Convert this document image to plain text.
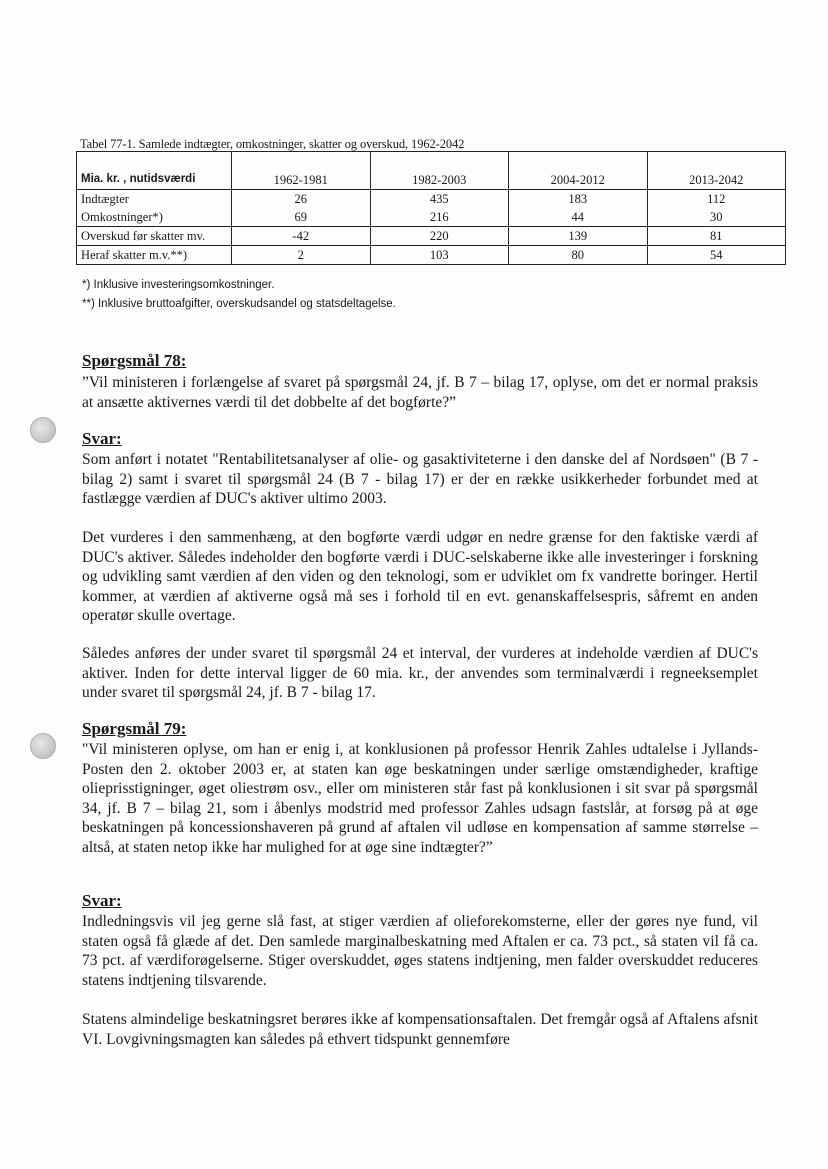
Tabel 77-1. Samlede indtægter, omkostninger, skatter og overskud, 1962-2042
Mia. kr. , nutidsværdi	1962-1981	1982-2003	2004-2012	2013-2042
Indtægter	26	435	183	112
Omkostninger*)	69	216	44	30
Overskud før skatter mv.	-42	220	139	81
Heraf skatter m.v.**)	2	103	80	54
*) Inklusive investeringsomkostninger.
**) Inklusive bruttoafgifter, overskudsandel og statsdeltagelse.
Spørgsmål 78:

”Vil ministeren i forlængelse af svaret på spørgsmål 24, jf. B 7 – bilag 17, oplyse, om det er normal praksis at ansætte aktivernes værdi til det dobbelte af det bogførte?”

Svar:

Som anført i notatet "Rentabilitetsanalyser af olie- og gasaktiviteterne i den danske del af Nordsøen" (B 7 - bilag 2) samt i svaret til spørgsmål 24 (B 7 - bilag 17) er der en række usikkerheder forbundet med at fastlægge værdien af DUC's aktiver ultimo 2003.

Det vurderes i den sammenhæng, at den bogførte værdi udgør en nedre grænse for den faktiske værdi af DUC's aktiver. Således indeholder den bogførte værdi i DUC-selskaberne ikke alle investeringer i forskning og udvikling samt værdien af den viden og den teknologi, som er udviklet om fx vandrette boringer. Hertil kommer, at værdien af aktiverne også må ses i forhold til en evt. genanskaffelsespris, såfremt en anden operatør skulle overtage.

Således anføres der under svaret til spørgsmål 24 et interval, der vurderes at indeholde værdien af DUC's aktiver. Inden for dette interval ligger de 60 mia. kr., der anvendes som terminalværdi i regneeksemplet under svaret til spørgsmål 24, jf. B 7 - bilag 17.

Spørgsmål 79:

"Vil ministeren oplyse, om han er enig i, at konklusionen på professor Henrik Zahles udtalelse i Jyllands-Posten den 2. oktober 2003 er, at staten kan øge beskatningen under særlige omstændigheder, kraftige olieprisstigninger, øget oliestrøm osv., eller om ministeren står fast på konklusionen i sit svar på spørgsmål 34, jf. B 7 – bilag 21, som i åbenlys modstrid med professor Zahles udsagn fastslår, at forsøg på at øge beskatningen på koncessionshaveren på grund af aftalen vil udløse en kompensation af samme størrelse – altså, at staten netop ikke har mulighed for at øge sine indtægter?”

Svar:

Indledningsvis vil jeg gerne slå fast, at stiger værdien af olieforekomsterne, eller der gøres nye fund, vil staten også få glæde af det. Den samlede marginalbeskatning med Aftalen er ca. 73 pct., så staten vil få ca. 73 pct. af værdiforøgelserne. Stiger overskuddet, øges statens indtjening, men falder overskuddet reduceres statens indtjening tilsvarende.

Statens almindelige beskatningsret berøres ikke af kompensationsaftalen. Det fremgår også af Aftalens afsnit VI. Lovgivningsmagten kan således på ethvert tidspunkt gennemføre
